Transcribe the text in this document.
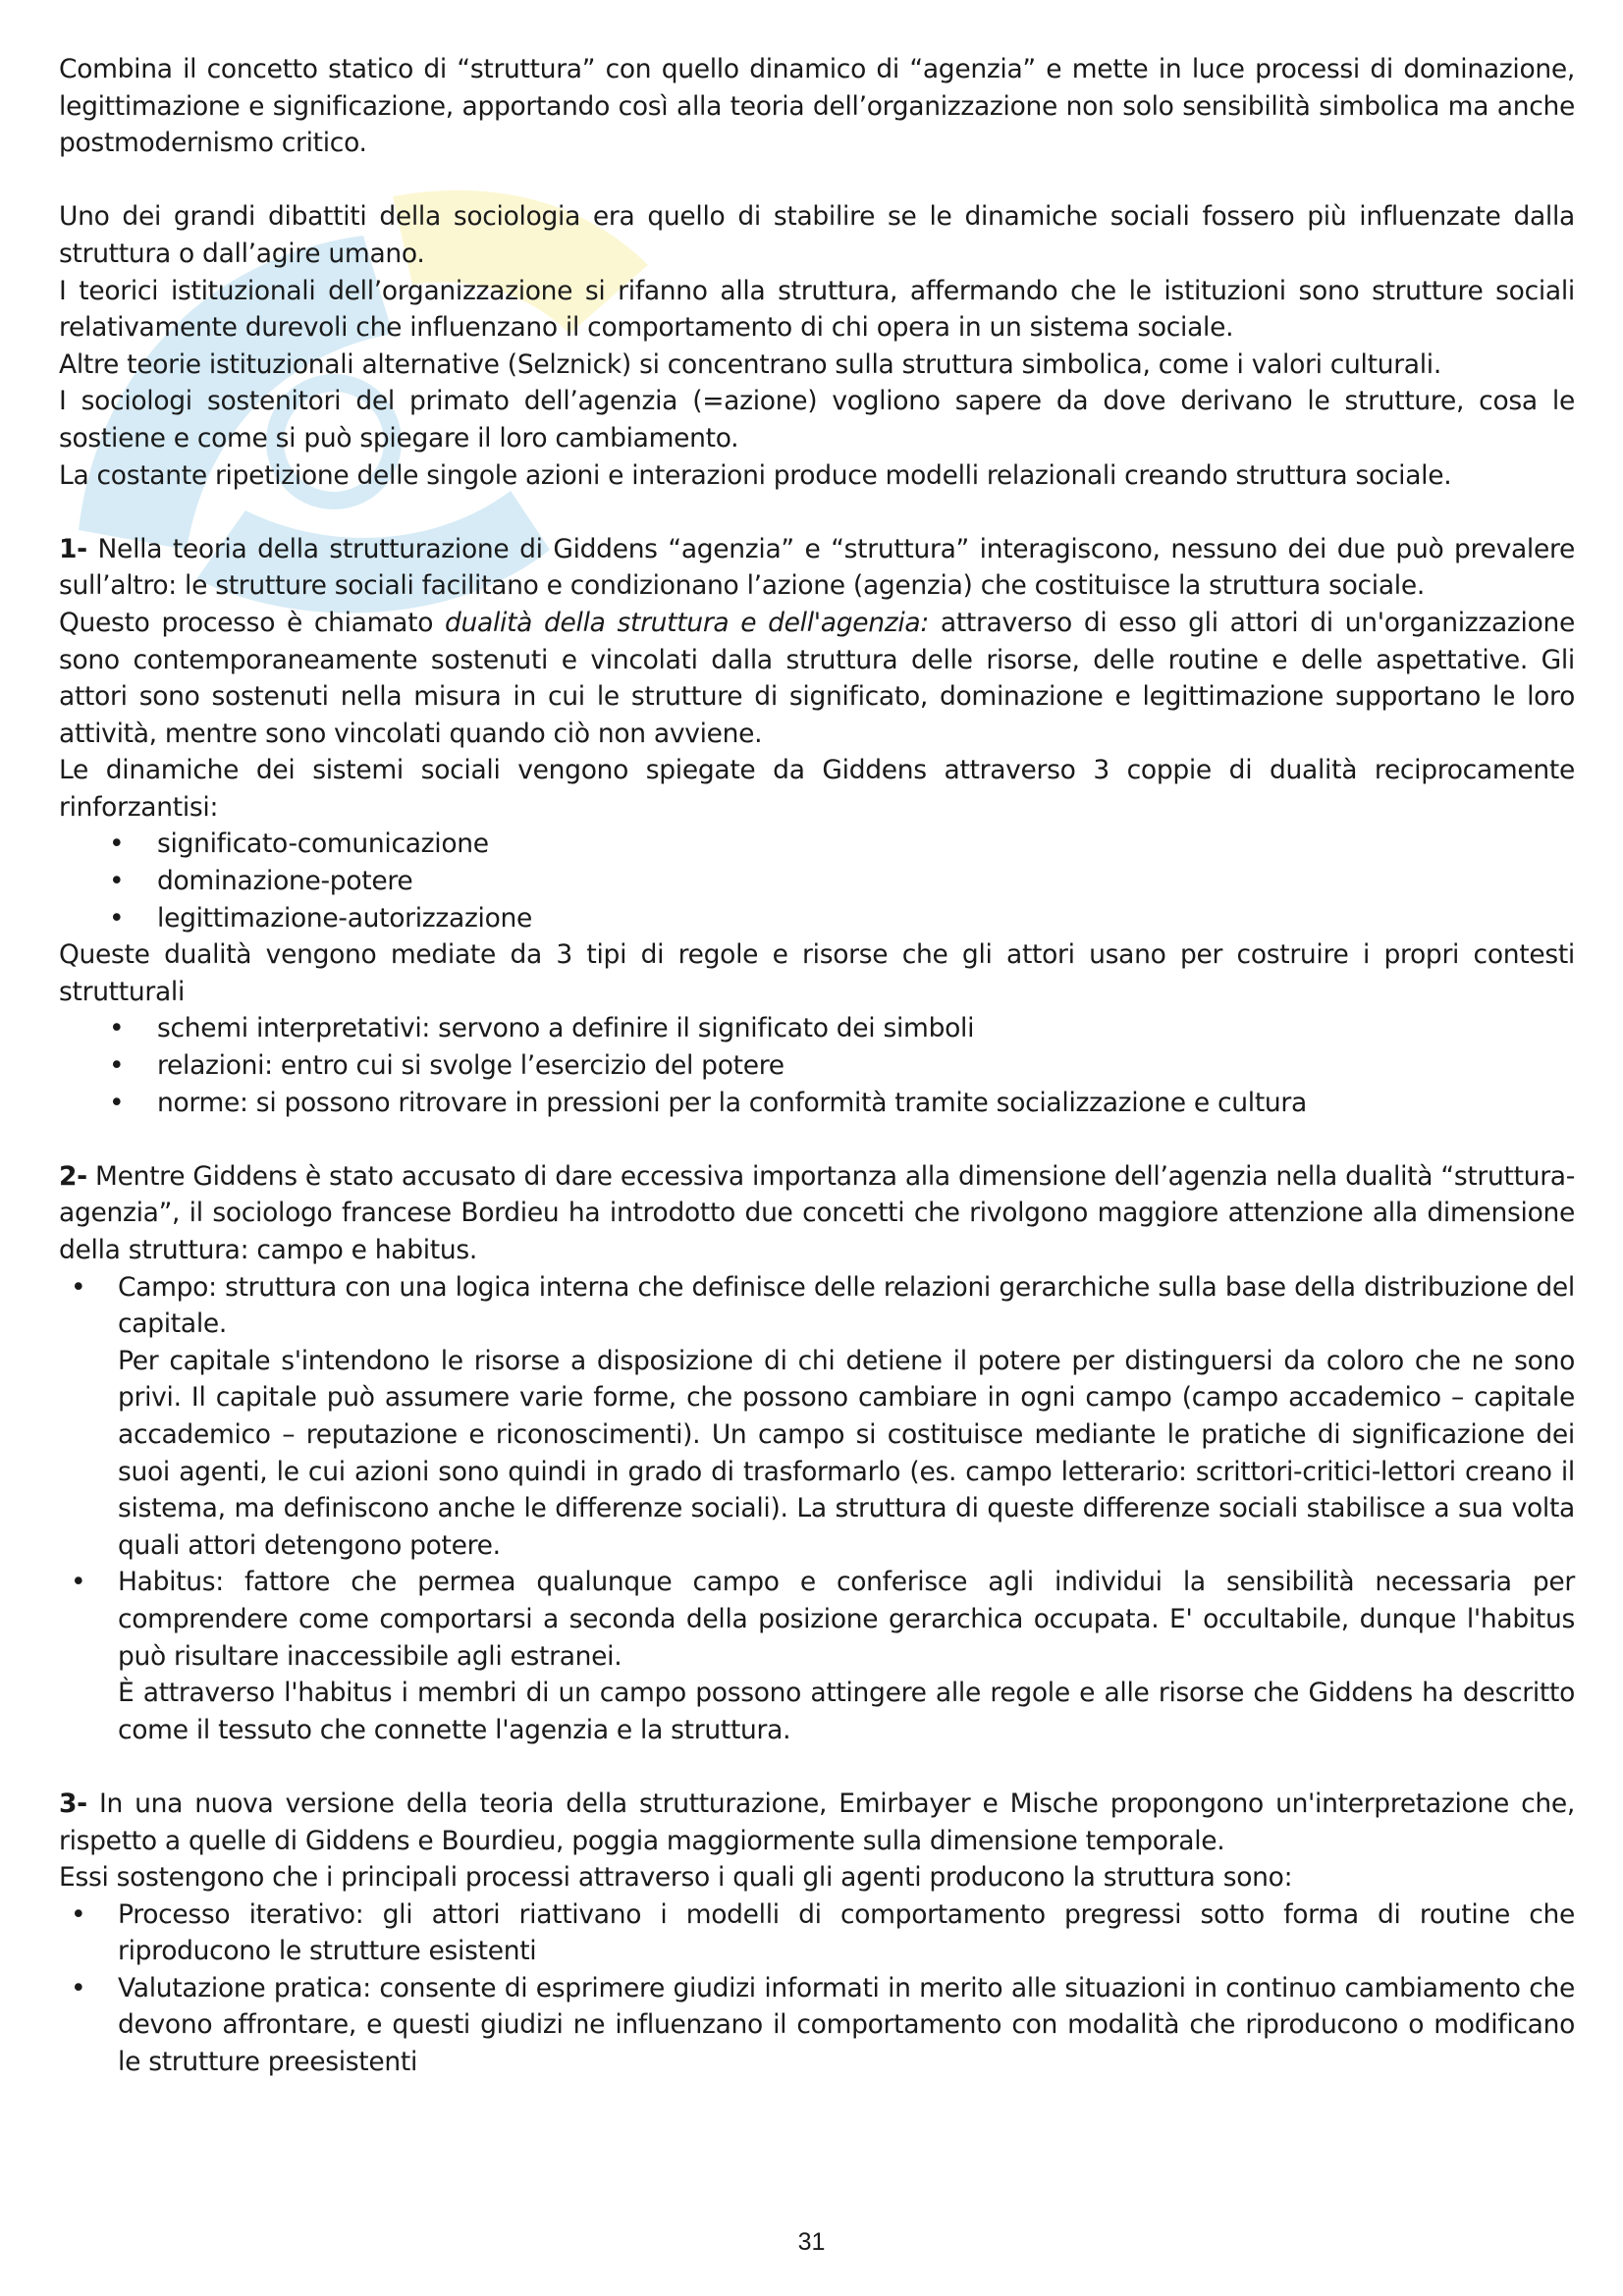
Combina il concetto statico di “struttura” con quello dinamico di “agenzia” e mette in luce processi di dominazione, legittimazione e significazione, apportando così alla teoria dell’organizzazione non solo sensibilità simbolica ma anche postmodernismo critico.

Uno dei grandi dibattiti della sociologia era quello di stabilire se le dinamiche sociali fossero più influenzate dalla struttura o dall’agire umano.

I teorici istituzionali dell’organizzazione si rifanno alla struttura, affermando che le istituzioni sono strutture sociali relativamente durevoli che influenzano il comportamento di chi opera in un sistema sociale.

Altre teorie istituzionali alternative (Selznick) si concentrano sulla struttura simbolica, come i valori culturali.

I sociologi sostenitori del primato dell’agenzia (=azione) vogliono sapere da dove derivano le strutture, cosa le sostiene e come si può spiegare il loro cambiamento.

La costante ripetizione delle singole azioni e interazioni produce modelli relazionali creando struttura sociale.

1- Nella teoria della strutturazione di Giddens “agenzia” e “struttura” interagiscono, nessuno dei due può prevalere sull’altro: le strutture sociali facilitano e condizionano l’azione (agenzia) che costituisce la struttura sociale.

Questo processo è chiamato dualità della struttura e dell'agenzia: attraverso di esso gli attori di un'organizzazione sono contemporaneamente sostenuti e vincolati dalla struttura delle risorse, delle routine e delle aspettative. Gli attori sono sostenuti nella misura in cui le strutture di significato, dominazione e legittimazione supportano le loro attività, mentre sono vincolati quando ciò non avviene.

Le dinamiche dei sistemi sociali vengono spiegate da Giddens attraverso 3 coppie di dualità reciprocamente rinforzantisi:

• significato-comunicazione
• dominazione-potere
• legittimazione-autorizzazione

Queste dualità vengono mediate da 3 tipi di regole e risorse che gli attori usano per costruire i propri contesti strutturali

• schemi interpretativi: servono a definire il significato dei simboli
• relazioni: entro cui si svolge l’esercizio del potere
• norme: si possono ritrovare in pressioni per la conformità tramite socializzazione e cultura

2- Mentre Giddens è stato accusato di dare eccessiva importanza alla dimensione dell’agenzia nella dualità “struttura-agenzia”, il sociologo francese Bordieu ha introdotto due concetti che rivolgono maggiore attenzione alla dimensione della struttura: campo e habitus.

• Campo: struttura con una logica interna che definisce delle relazioni gerarchiche sulla base della distribuzione del capitale.
Per capitale s'intendono le risorse a disposizione di chi detiene il potere per distinguersi da coloro che ne sono privi. Il capitale può assumere varie forme, che possono cambiare in ogni campo (campo accademico – capitale accademico – reputazione e riconoscimenti). Un campo si costituisce mediante le pratiche di significazione dei suoi agenti, le cui azioni sono quindi in grado di trasformarlo (es. campo letterario: scrittori-critici-lettori creano il sistema, ma definiscono anche le differenze sociali). La struttura di queste differenze sociali stabilisce a sua volta quali attori detengono potere.
• Habitus: fattore che permea qualunque campo e conferisce agli individui la sensibilità necessaria per comprendere come comportarsi a seconda della posizione gerarchica occupata. E' occultabile, dunque l'habitus può risultare inaccessibile agli estranei.
È attraverso l'habitus i membri di un campo possono attingere alle regole e alle risorse che Giddens ha descritto come il tessuto che connette l'agenzia e la struttura.

3- In una nuova versione della teoria della strutturazione, Emirbayer e Mische propongono un'interpretazione che, rispetto a quelle di Giddens e Bourdieu, poggia maggiormente sulla dimensione temporale.

Essi sostengono che i principali processi attraverso i quali gli agenti producono la struttura sono:

• Processo iterativo: gli attori riattivano i modelli di comportamento pregressi sotto forma di routine che riproducono le strutture esistenti
• Valutazione pratica: consente di esprimere giudizi informati in merito alle situazioni in continuo cambiamento che devono affrontare, e questi giudizi ne influenzano il comportamento con modalità che riproducono o modificano le strutture preesistenti
31
